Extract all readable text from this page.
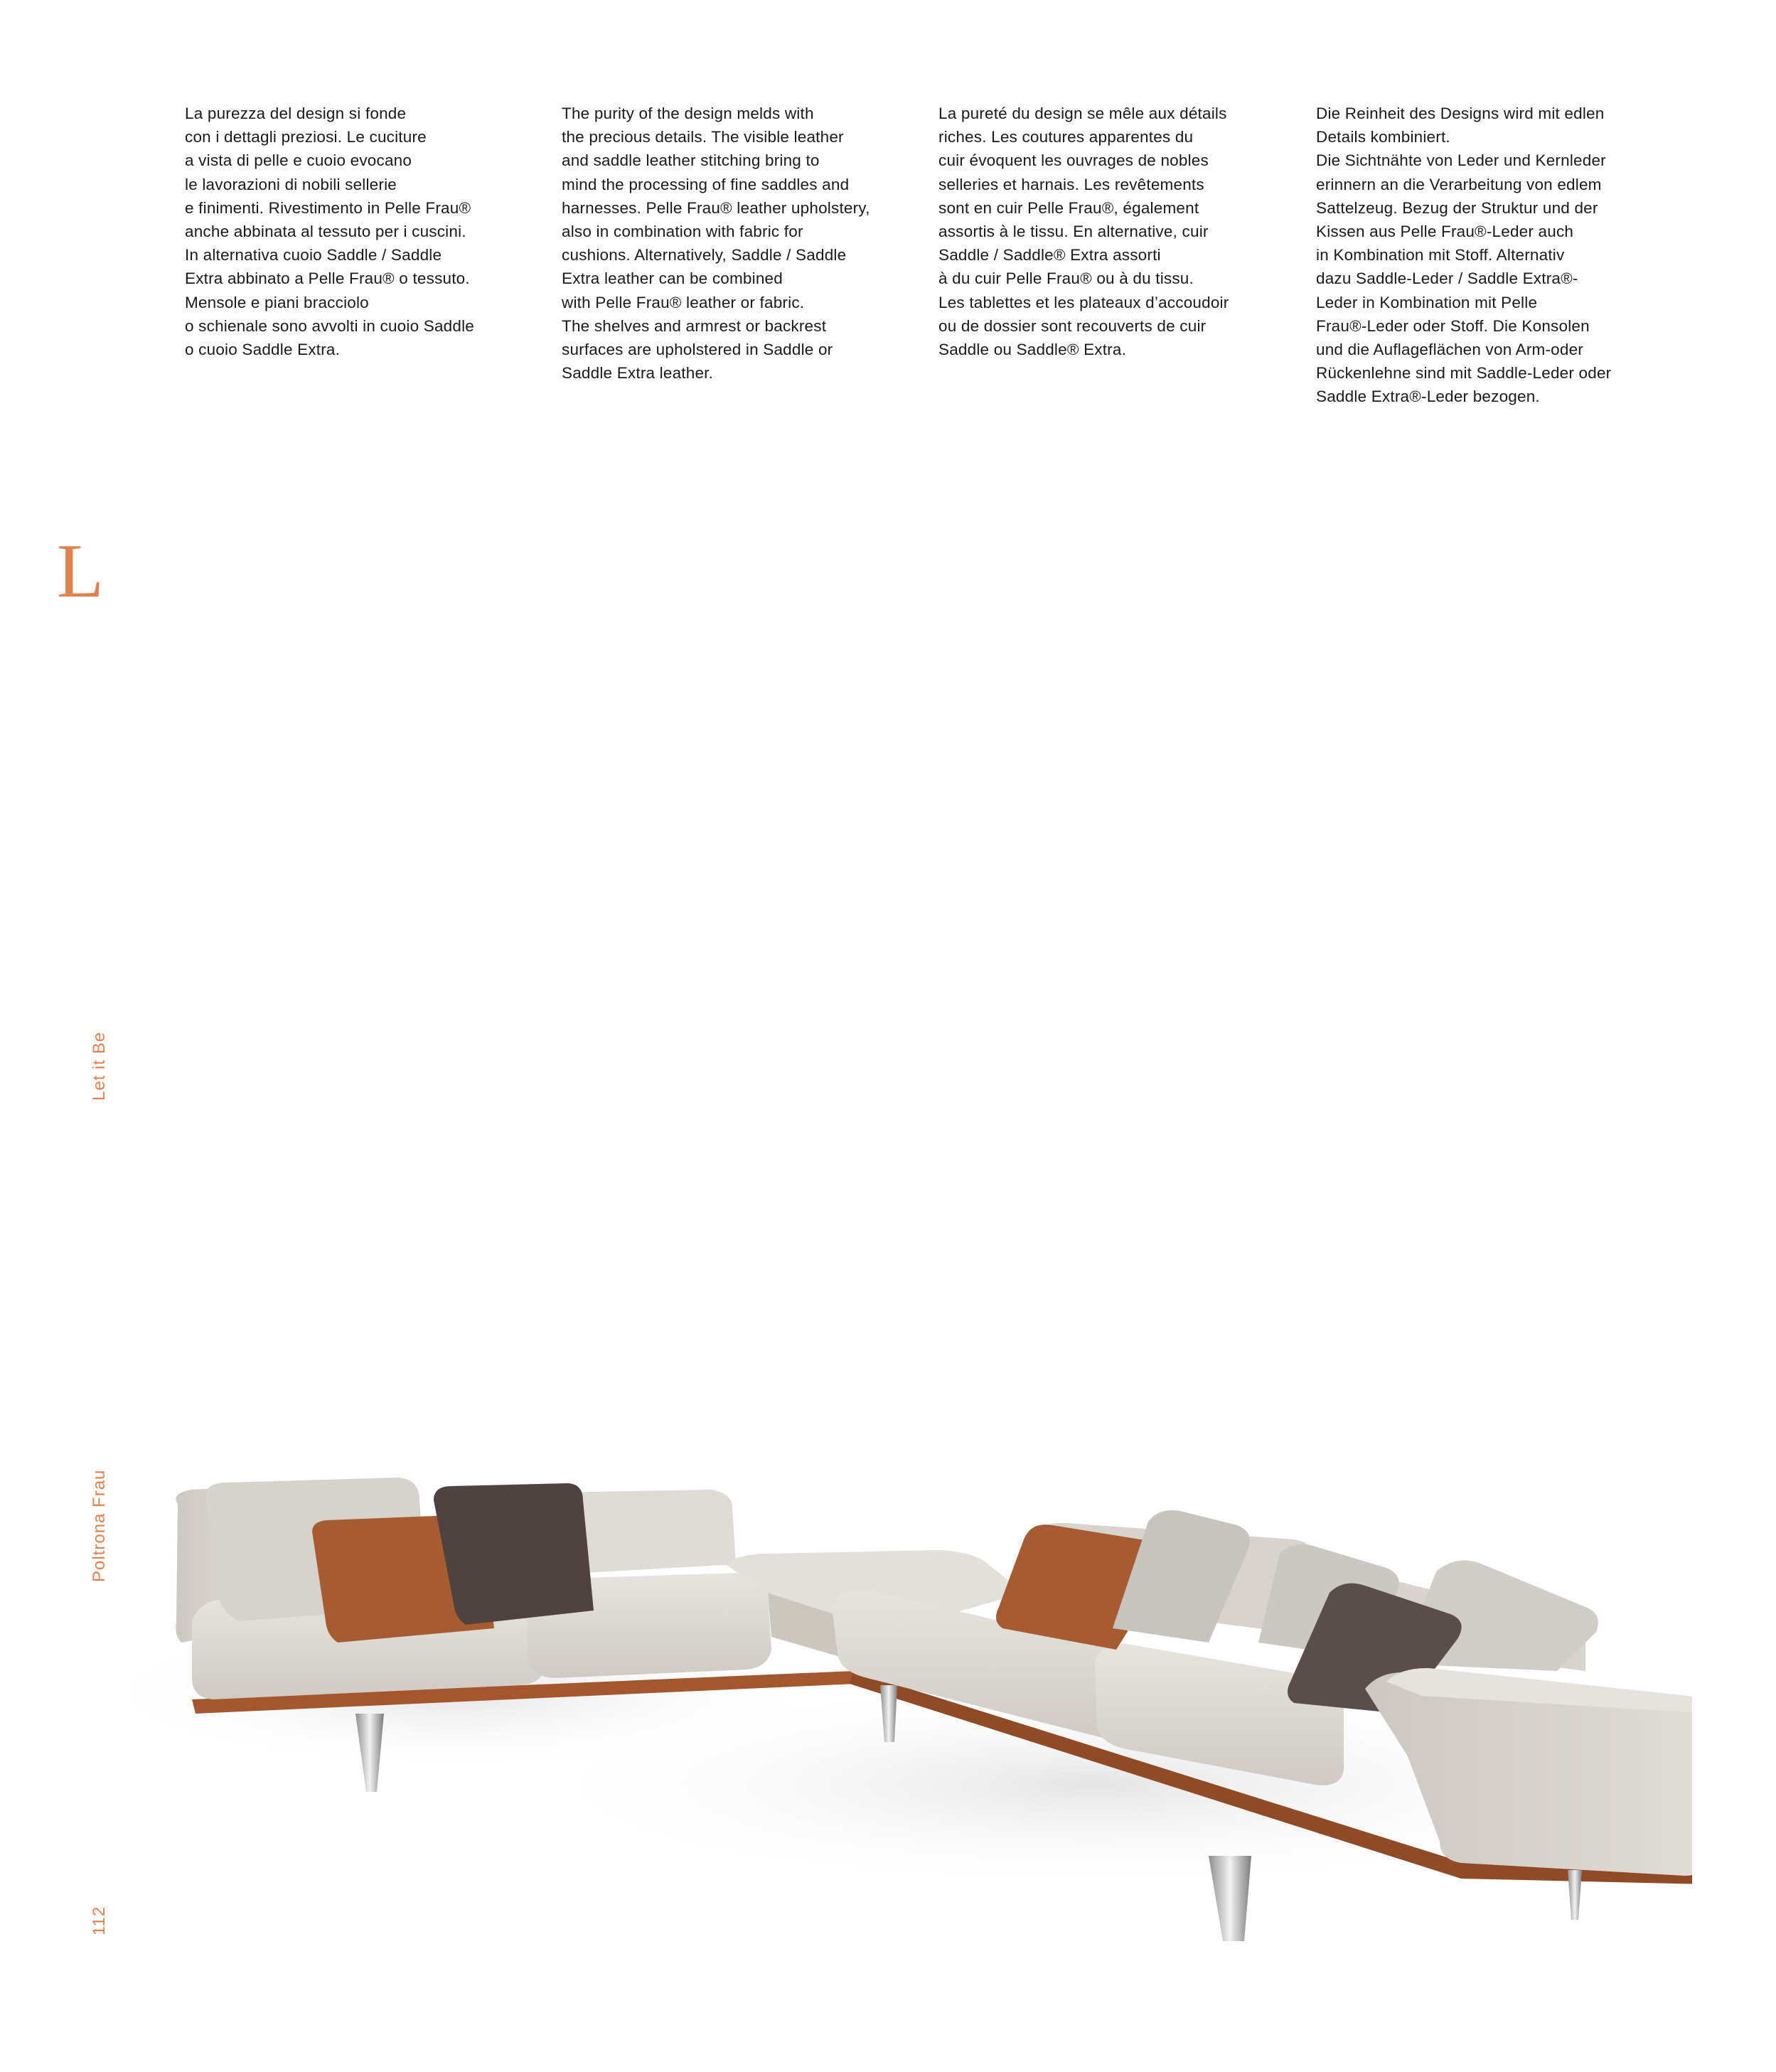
La purezza del design si fonde
con i dettagli preziosi. Le cuciture
a vista di pelle e cuoio evocano
le lavorazioni di nobili sellerie
e finimenti. Rivestimento in Pelle Frau®
anche abbinata al tessuto per i cuscini.
In alternativa cuoio Saddle / Saddle
Extra abbinato a Pelle Frau® o tessuto.
Mensole e piani bracciolo
o schienale sono avvolti in cuoio Saddle
o cuoio Saddle Extra.
The purity of the design melds with
the precious details. The visible leather
and saddle leather stitching bring to
mind the processing of fine saddles and
harnesses. Pelle Frau® leather upholstery,
also in combination with fabric for
cushions. Alternatively, Saddle / Saddle
Extra leather can be combined
with Pelle Frau® leather or fabric.
The shelves and armrest or backrest
surfaces are upholstered in Saddle or
Saddle Extra leather.
La pureté du design se mêle aux détails
riches. Les coutures apparentes du
cuir évoquent les ouvrages de nobles
selleries et harnais. Les revêtements
sont en cuir Pelle Frau®, également
assortis à le tissu. En alternative, cuir
Saddle / Saddle® Extra assorti
à du cuir Pelle Frau® ou à du tissu.
Les tablettes et les plateaux d’accoudoir
ou de dossier sont recouverts de cuir
Saddle ou Saddle® Extra.
Die Reinheit des Designs wird mit edlen
Details kombiniert.
Die Sichtnähte von Leder und Kernleder
erinnern an die Verarbeitung von edlem
Sattelzeug. Bezug der Struktur und der
Kissen aus Pelle Frau®-Leder auch
in Kombination mit Stoff. Alternativ
dazu Saddle-Leder / Saddle Extra®-
Leder in Kombination mit Pelle
Frau®-Leder oder Stoff. Die Konsolen
und die Auflageflächen von Arm-oder
Rückenlehne sind mit Saddle-Leder oder
Saddle Extra®-Leder bezogen.
L
Let it Be
Poltrona Frau
112
